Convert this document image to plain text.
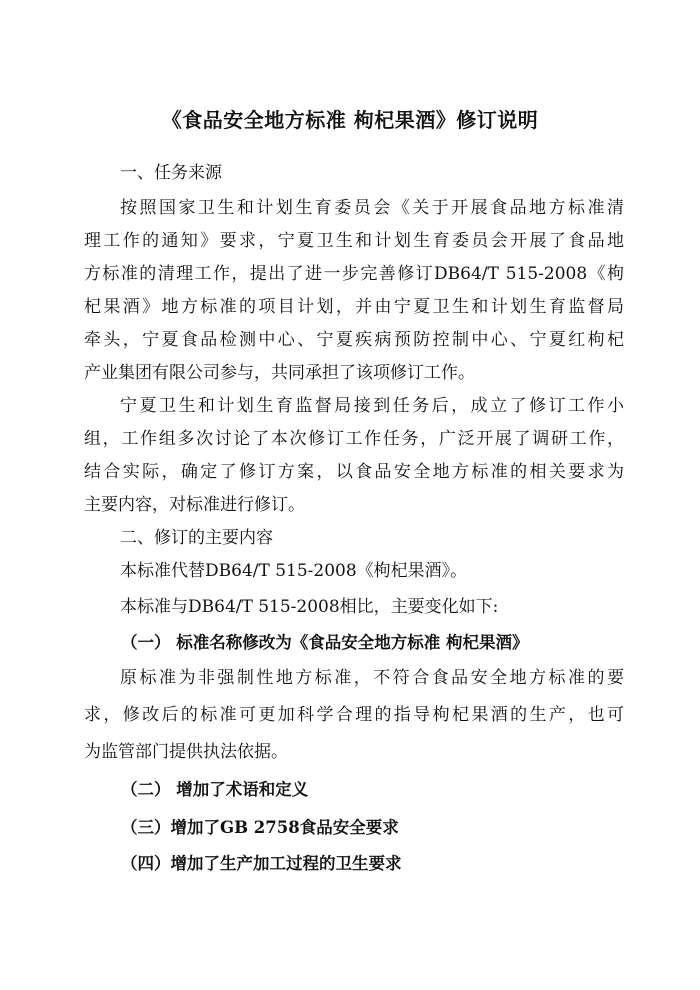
《食品安全地方标准 枸杞果酒》修订说明
一、任务来源
按照国家卫生和计划生育委员会《关于开展食品地方标准清
理工作的通知》要求，宁夏卫生和计划生育委员会开展了食品地
方标准的清理工作，提出了进一步完善修订DB64/T 515-2008《枸
杞果酒》地方标准的项目计划，并由宁夏卫生和计划生育监督局
牵头，宁夏食品检测中心、宁夏疾病预防控制中心、宁夏红枸杞
产业集团有限公司参与，共同承担了该项修订工作。
宁夏卫生和计划生育监督局接到任务后，成立了修订工作小
组，工作组多次讨论了本次修订工作任务，广泛开展了调研工作，
结合实际，确定了修订方案，以食品安全地方标准的相关要求为
主要内容，对标准进行修订。
二、修订的主要内容
本标准代替DB64/T 515-2008《枸杞果酒》。
本标准与DB64/T 515-2008相比，主要变化如下:
（一） 标准名称修改为《食品安全地方标准 枸杞果酒》
原标准为非强制性地方标准，不符合食品安全地方标准的要
求，修改后的标准可更加科学合理的指导枸杞果酒的生产，也可
为监管部门提供执法依据。
（二） 增加了术语和定义
（三）增加了GB 2758食品安全要求
（四）增加了生产加工过程的卫生要求
